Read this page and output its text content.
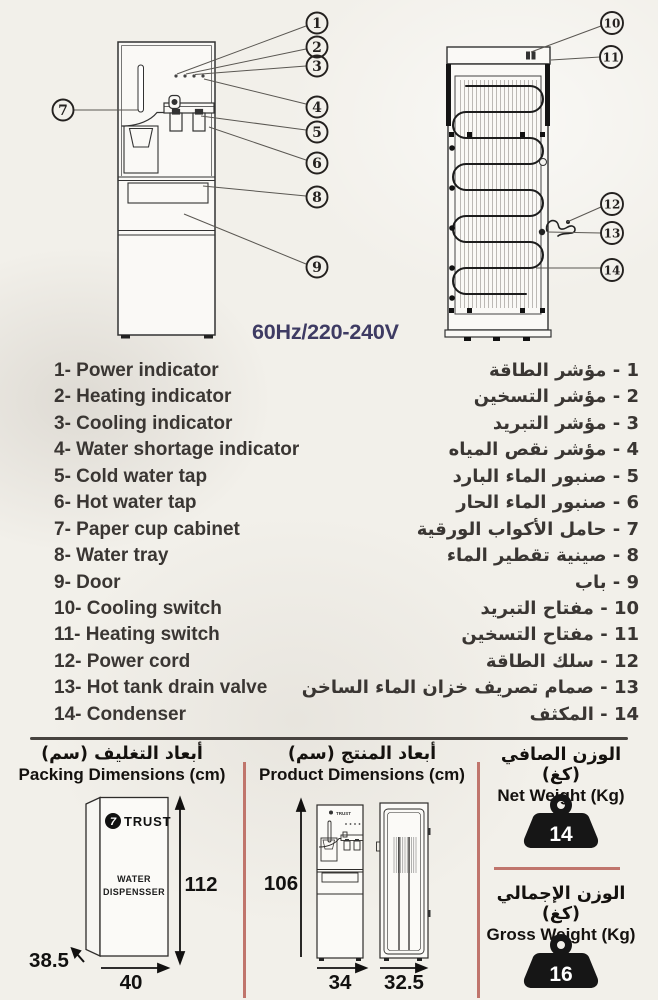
1
2
3
4
5
6
7
8
9
10
11
12
13
14
60Hz/220-240V
1- Power indicator	1 - مؤشر الطاقة
2- Heating indicator	2 - مؤشر التسخين
3- Cooling indicator	3 - مؤشر التبريد
4- Water shortage indicator	4 - مؤشر نقص المياه
5- Cold water tap	5 - صنبور الماء البارد
6- Hot water tap	6 - صنبور الماء الحار
7- Paper cup cabinet	7 - حامل الأكواب الورقية
8- Water tray	8 - صينية تقطير الماء
9- Door	9 - باب
10- Cooling switch	10 - مفتاح التبريد
11- Heating switch	11 - مفتاح التسخين
12- Power cord	12 - سلك الطاقة
13- Hot tank drain valve 13 - صمام تصريف خزان الماء الساخن
14- Condenser	14 - المكثف
أبعاد التغليف (سم)
Packing Dimensions (cm)
أبعاد المنتج (سم)
Product Dimensions (cm)
الوزن الصافي (كغ)
Net Weight (Kg)
7 TRUST
WATER
DISPENSSER 112
38.5
40
106
TRUST
34 32.5
14
الوزن الإجمالي (كغ)
Gross Weight (Kg)
16
